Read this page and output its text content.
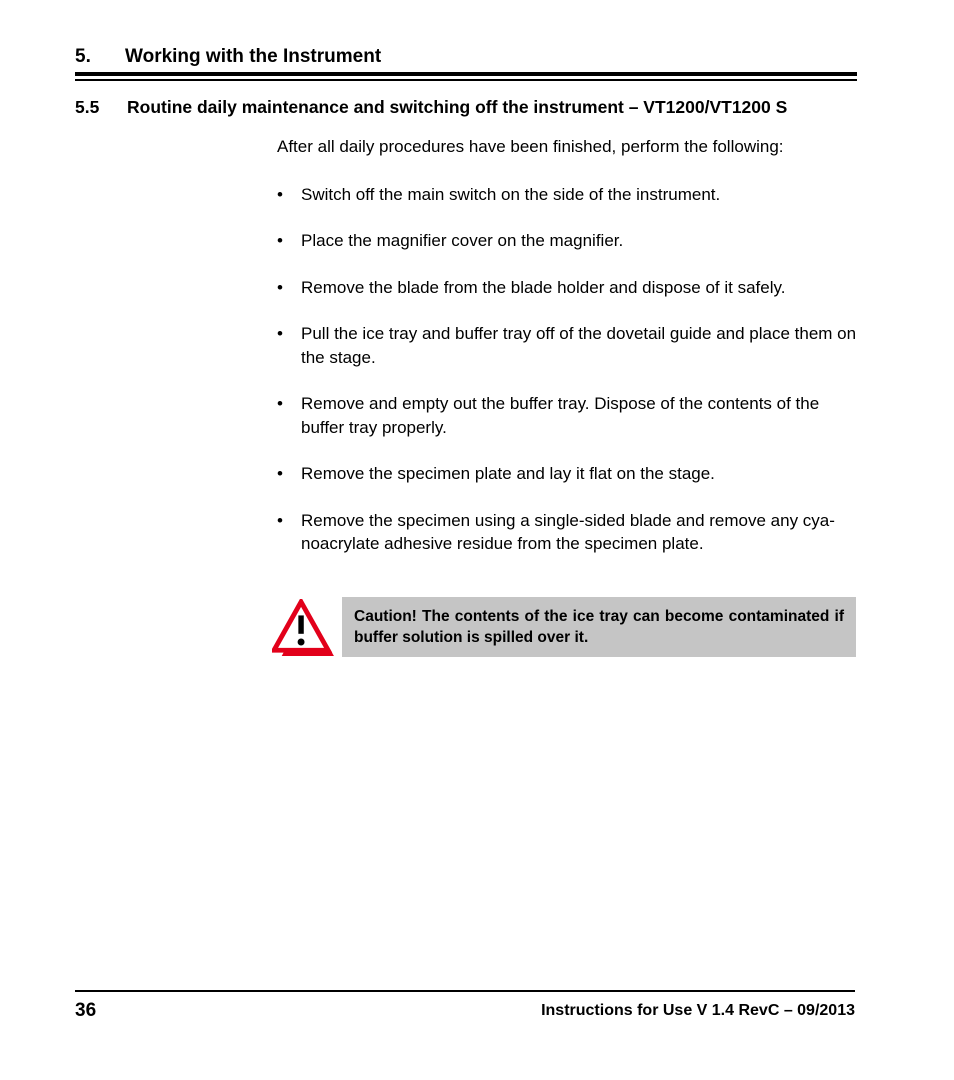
5.	Working with the Instrument
5.5	Routine daily maintenance and switching off the instrument – VT1200/VT1200 S

After all daily procedures have been finished, perform the following:

•	Switch off the main switch on the side of the instrument.
•	Place the magnifier cover on the magnifier.
•	Remove the blade from the blade holder and dispose of it safely.
•	Pull the ice tray and buffer tray off of the dovetail guide and place them on the stage.
•	Remove and empty out the buffer tray. Dispose of the contents of the buffer tray properly.
•	Remove the specimen plate and lay it flat on the stage.
•	Remove the specimen using a single-sided blade and remove any cya-noacrylate adhesive residue from the specimen plate.
Caution! The contents of the ice tray can become contaminated if buffer solution is spilled over it.
36	Instructions for Use V 1.4 RevC – 09/2013
